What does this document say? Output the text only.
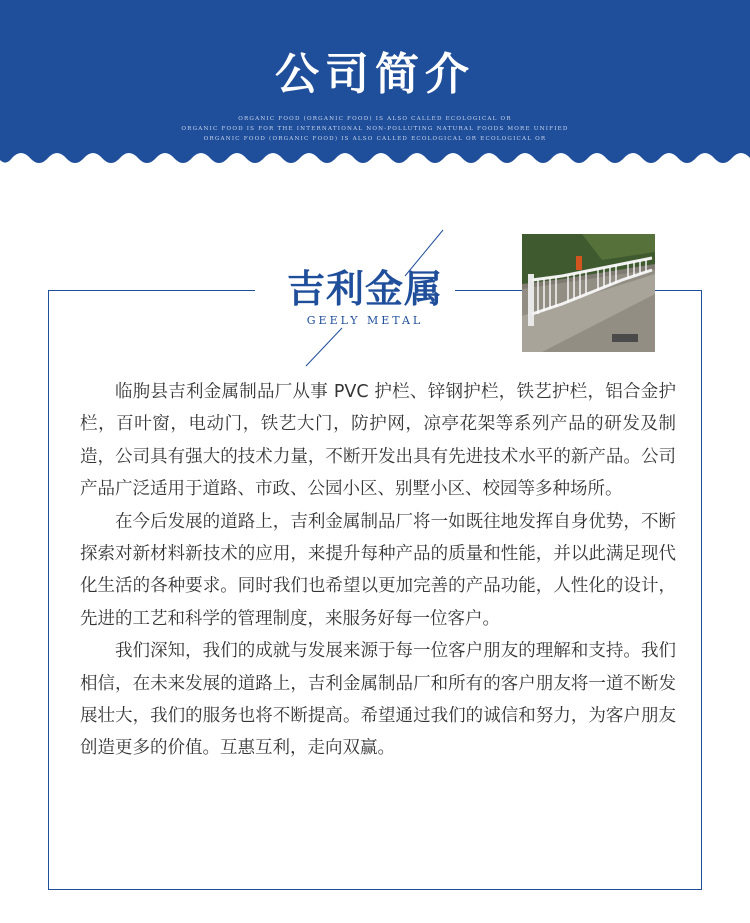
公司简介
ORGANIC FOOD (ORGANIC FOOD) IS ALSO CALLED ECOLOGICAL OR
ORGANIC FOOD IS FOR THE INTERNATIONAL NON-POLLUTING NATURAL FOODS MORE UNIFIED
ORGANIC FOOD (ORGANIC FOOD) IS ALSO CALLED ECOLOGICAL OR ECOLOGICAL OR
吉利金属
GEELY METAL

临朐县吉利金属制品厂从事 PVC 护栏、锌钢护栏，铁艺护栏，铝合金护栏，百叶窗，电动门，铁艺大门，防护网，凉亭花架等系列产品的研发及制造，公司具有强大的技术力量，不断开发出具有先进技术水平的新产品。公司产品广泛适用于道路、市政、公园小区、别墅小区、校园等多种场所。

在今后发展的道路上，吉利金属制品厂将一如既往地发挥自身优势，不断探索对新材料新技术的应用，来提升每种产品的质量和性能，并以此满足现代化生活的各种要求。同时我们也希望以更加完善的产品功能，人性化的设计，先进的工艺和科学的管理制度，来服务好每一位客户。

我们深知，我们的成就与发展来源于每一位客户朋友的理解和支持。我们相信，在未来发展的道路上，吉利金属制品厂和所有的客户朋友将一道不断发展壮大，我们的服务也将不断提高。希望通过我们的诚信和努力，为客户朋友创造更多的价值。互惠互利，走向双赢。
